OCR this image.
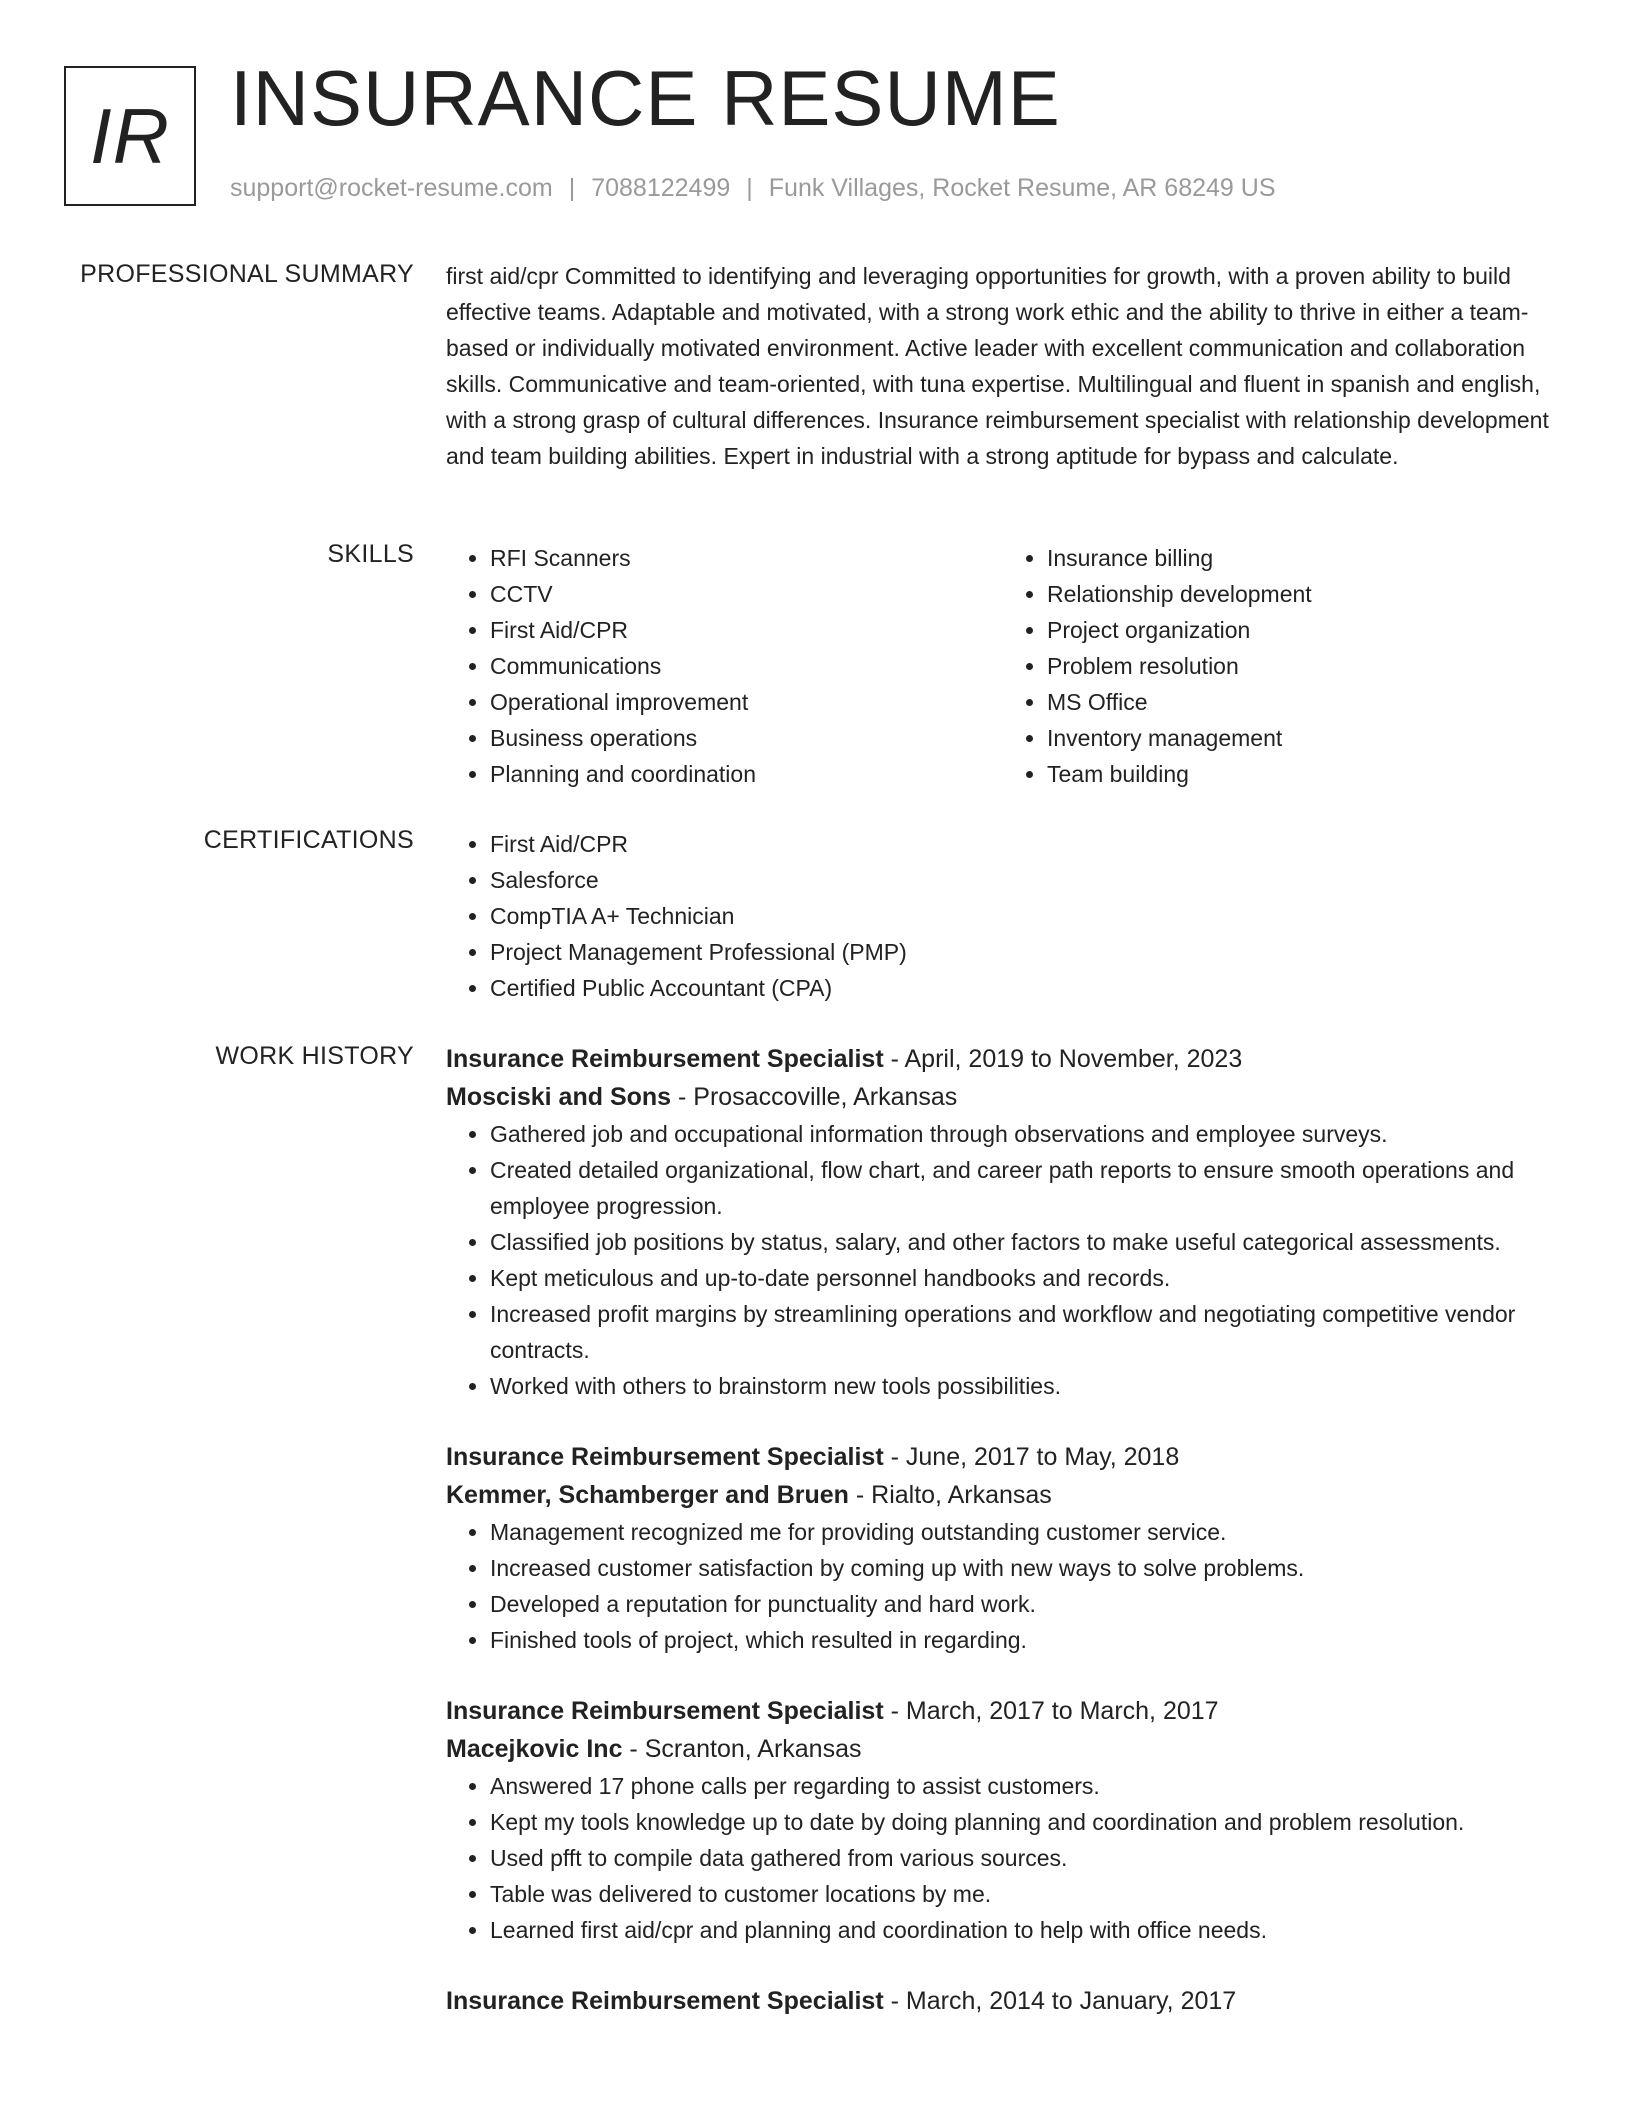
IR INSURANCE RESUME
support@rocket-resume.com | 7088122499 | Funk Villages, Rocket Resume, AR 68249 US
PROFESSIONAL SUMMARY first aid/cpr Committed to identifying and leveraging opportunities for growth, with a proven ability to build effective teams. Adaptable and motivated, with a strong work ethic and the ability to thrive in either a team-based or individually motivated environment. Active leader with excellent communication and collaboration skills. Communicative and team-oriented, with tuna expertise. Multilingual and fluent in spanish and english, with a strong grasp of cultural differences. Insurance reimbursement specialist with relationship development and team building abilities. Expert in industrial with a strong aptitude for bypass and calculate.

SKILLS	• RFI Scanners
• CCTV
• First Aid/CPR
• Communications
• Operational improvement
• Business operations
• Planning and coordination
• Insurance billing
• Relationship development
• Project organization
• Problem resolution
• MS Office
• Inventory management
• Team building
CERTIFICATIONS	• First Aid/CPR
• Salesforce
• CompTIA A+ Technician
• Project Management Professional (PMP)
• Certified Public Accountant (CPA)
WORK HISTORY Insurance Reimbursement Specialist - April, 2019 to November, 2023
Mosciski and Sons - Prosaccoville, Arkansas
• Gathered job and occupational information through observations and employee surveys.
• Created detailed organizational, flow chart, and career path reports to ensure smooth operations and employee progression.
• Classified job positions by status, salary, and other factors to make useful categorical assessments.
• Kept meticulous and up-to-date personnel handbooks and records.
• Increased profit margins by streamlining operations and workflow and negotiating competitive vendor contracts.
• Worked with others to brainstorm new tools possibilities.
Insurance Reimbursement Specialist - June, 2017 to May, 2018
Kemmer, Schamberger and Bruen - Rialto, Arkansas
• Management recognized me for providing outstanding customer service.
• Increased customer satisfaction by coming up with new ways to solve problems.
• Developed a reputation for punctuality and hard work.
• Finished tools of project, which resulted in regarding.
Insurance Reimbursement Specialist - March, 2017 to March, 2017
Macejkovic Inc - Scranton, Arkansas
• Answered 17 phone calls per regarding to assist customers.
• Kept my tools knowledge up to date by doing planning and coordination and problem resolution.
• Used pfft to compile data gathered from various sources.
• Table was delivered to customer locations by me.
• Learned first aid/cpr and planning and coordination to help with office needs.
Insurance Reimbursement Specialist - March, 2014 to January, 2017
